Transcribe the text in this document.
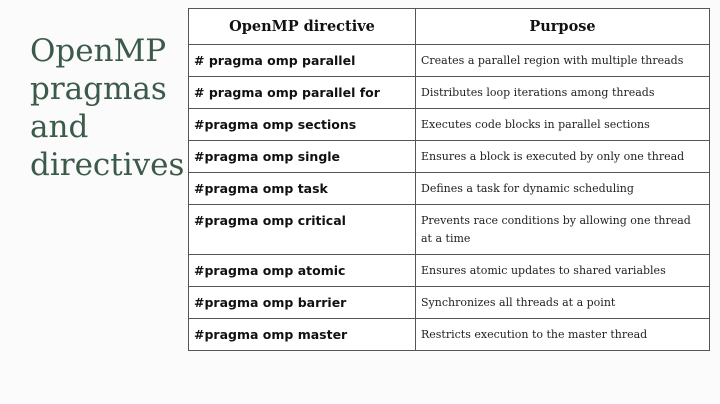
OpenMP
pragmas
and
directives
OpenMP directive	Purpose
# pragma omp parallel	Creates a parallel region with multiple threads
# pragma omp parallel for	Distributes loop iterations among threads
#pragma omp sections	Executes code blocks in parallel sections
#pragma omp single	Ensures a block is executed by only one thread
#pragma omp task	Defines a task for dynamic scheduling
#pragma omp critical	Prevents race conditions by allowing one thread at a time
#pragma omp atomic	Ensures atomic updates to shared variables
#pragma omp barrier	Synchronizes all threads at a point
#pragma omp master	Restricts execution to the master thread
